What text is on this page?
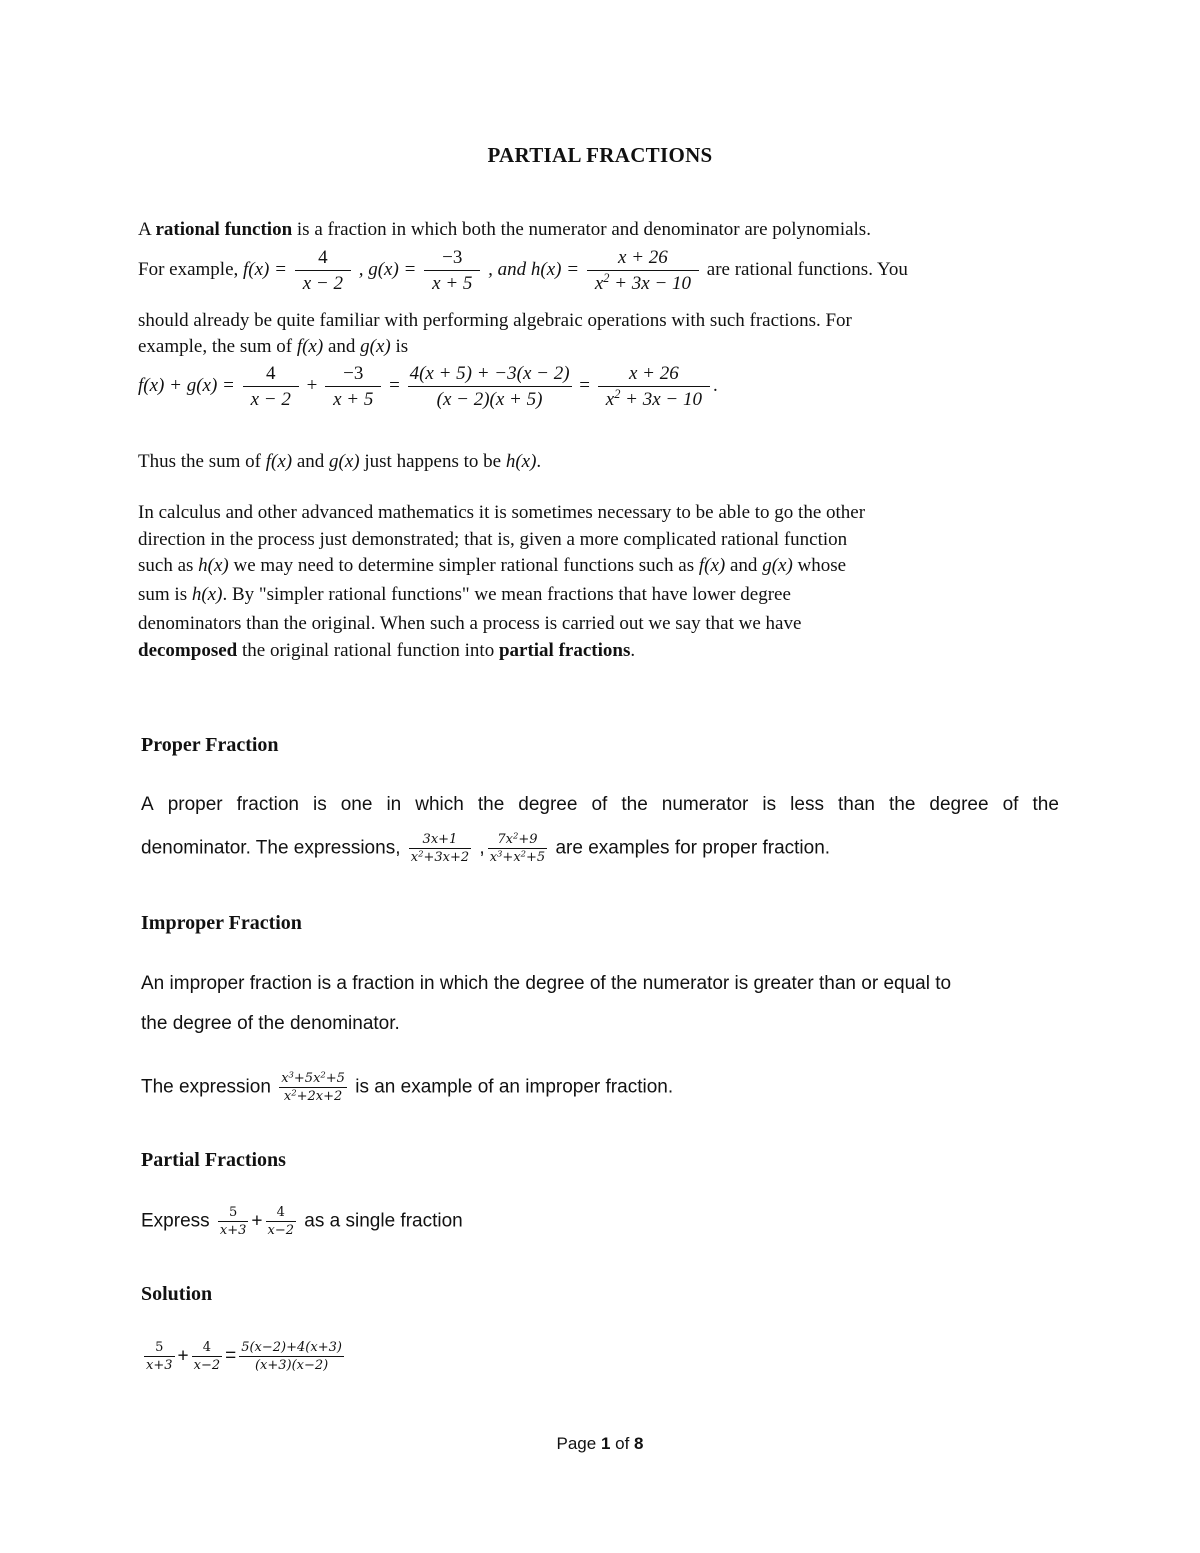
PARTIAL FRACTIONS
A rational function is a fraction in which both the numerator and denominator are polynomials.
For example, $f(x) = \frac{4}{x - 2}$ , $g(x) = \frac{-3}{x + 5}$ , and $h(x) = \frac{x + 26}{x^2 + 3x - 10}$ are rational functions. You
should already be quite familiar with performing algebraic operations with such fractions. For
example, the sum of f(x) and g(x) is
$f(x) + g(x) = \frac{4}{x - 2} + \frac{-3}{x + 5} = \frac{4(x + 5) + -3(x - 2)}{(x - 2)(x + 5)} = \frac{x + 26}{x^2 + 3x - 10}$ .
Thus the sum of f(x) and g(x) just happens to be h(x).
In calculus and other advanced mathematics it is sometimes necessary to be able to go the other
direction in the process just demonstrated; that is, given a more complicated rational function
such as h(x) we may need to determine simpler rational functions such as f(x) and g(x) whose
sum is h(x). By "simpler rational functions" we mean fractions that have lower degree
denominators than the original. When such a process is carried out we say that we have
decomposed the original rational function into partial fractions.
Proper Fraction
A proper fraction is one in which the degree of the numerator is less than the degree of the
denominator. The expressions, $\frac{3x+1}{x^2+3x+2}$ , $\frac{7x^2+9}{x^3+x^2+5}$ are examples for proper fraction.
Improper Fraction
An improper fraction is a fraction in which the degree of the numerator is greater than or equal to
the degree of the denominator.
The expression $\frac{x^3+5x^2+5}{x^2+2x+2}$ is an example of an improper fraction.
Partial Fractions
Express $\frac{5}{x+3} + \frac{4}{x-2}$ as a single fraction
Solution
$\frac{5}{x+3} + \frac{4}{x-2} = \frac{5(x-2)+4(x+3)}{(x+3)(x-2)}$
Page 1 of 8
